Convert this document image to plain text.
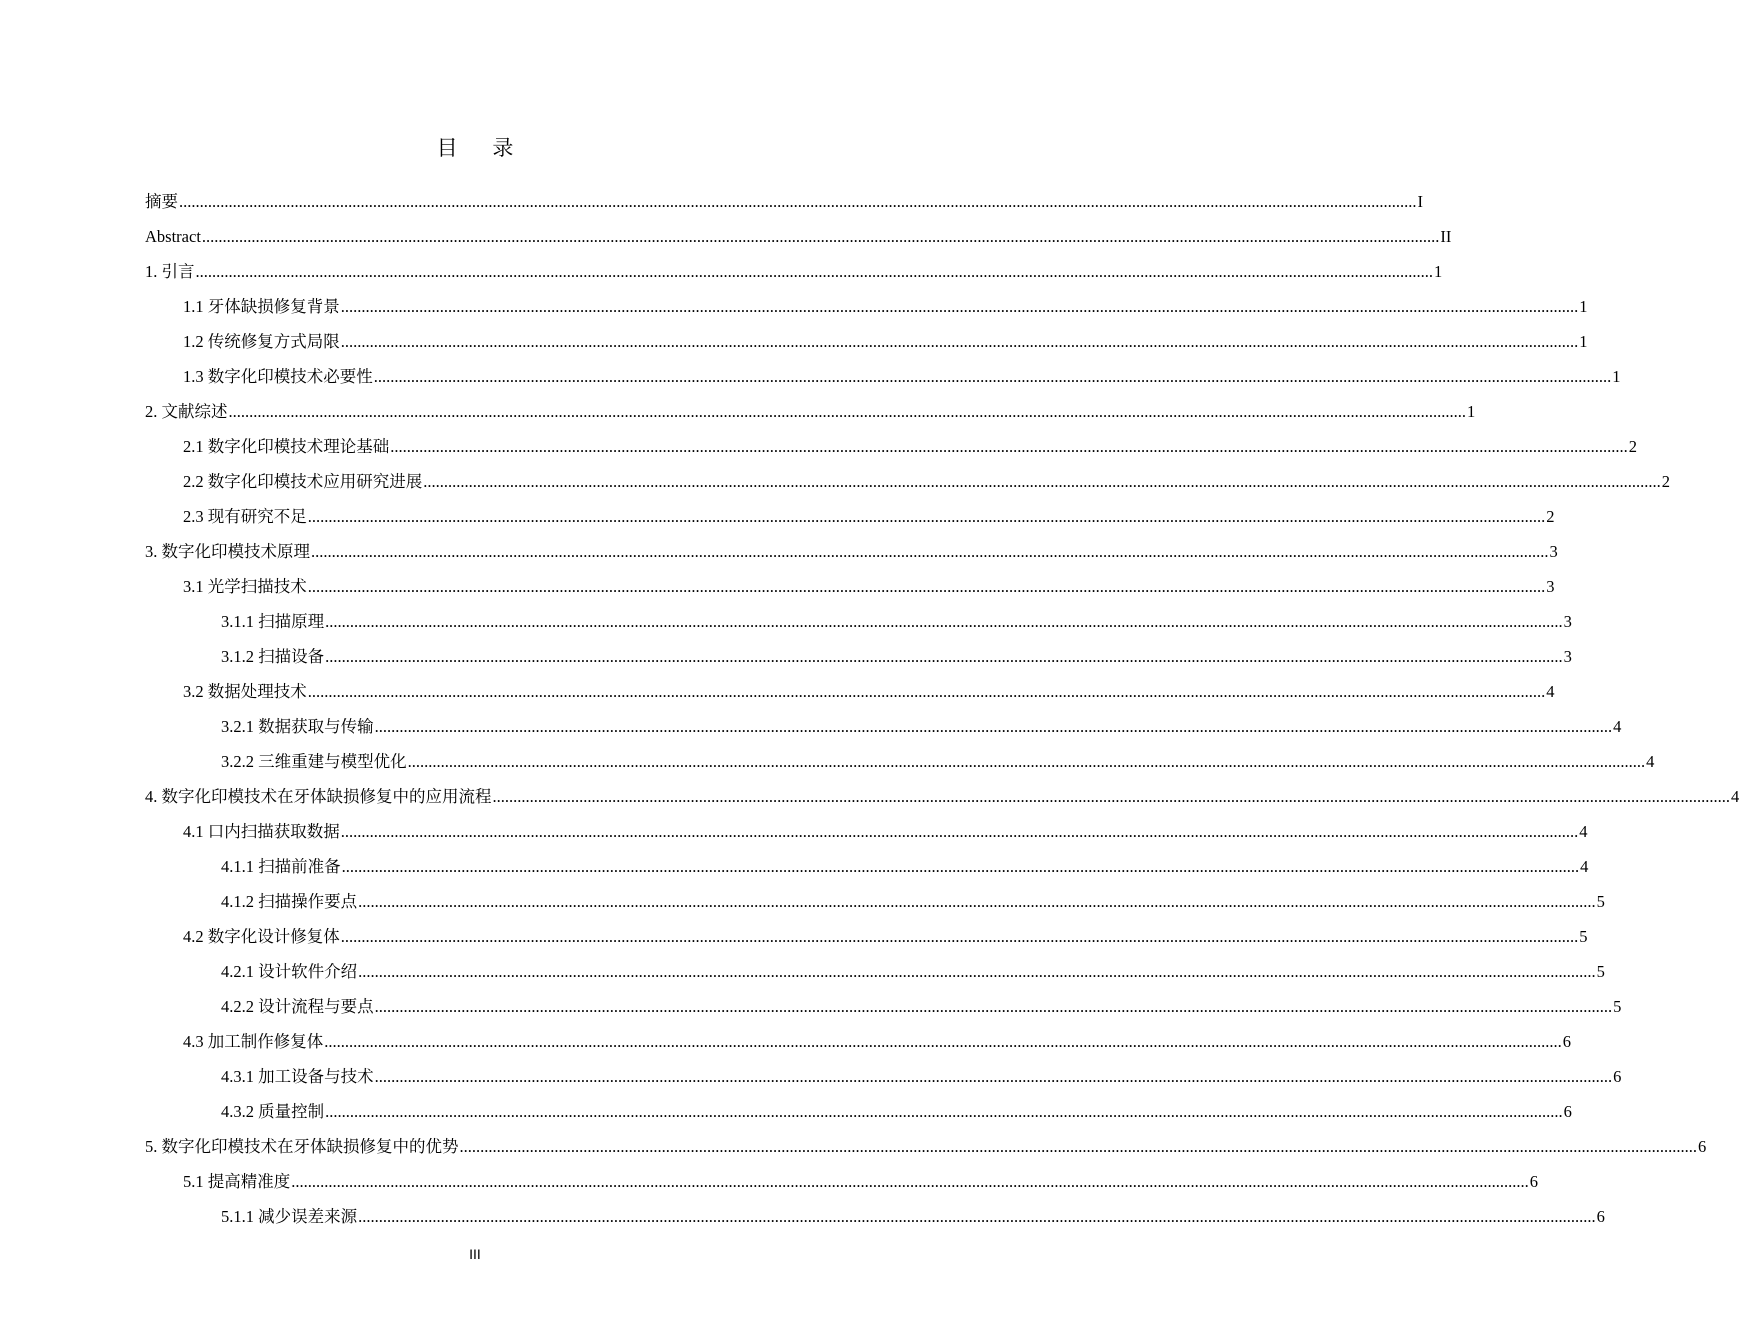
目 录
摘要 ............................................................................................................................................................................................................................................................................................................ I
Abstract ............................................................................................................................................................................................................................................................................................................ II
1. 引言 ............................................................................................................................................................................................................................................................................................................ 1
1.1 牙体缺损修复背景 ............................................................................................................................................................................................................................................................................................................ 1
1.2 传统修复方式局限 ............................................................................................................................................................................................................................................................................................................ 1
1.3 数字化印模技术必要性 ............................................................................................................................................................................................................................................................................................................ 1
2. 文献综述 ............................................................................................................................................................................................................................................................................................................ 1
2.1 数字化印模技术理论基础 ............................................................................................................................................................................................................................................................................................................ 2
2.2 数字化印模技术应用研究进展 ............................................................................................................................................................................................................................................................................................................ 2
2.3 现有研究不足 ............................................................................................................................................................................................................................................................................................................ 2
3. 数字化印模技术原理 ............................................................................................................................................................................................................................................................................................................ 3
3.1 光学扫描技术 ............................................................................................................................................................................................................................................................................................................ 3
3.1.1 扫描原理 ............................................................................................................................................................................................................................................................................................................ 3
3.1.2 扫描设备 ............................................................................................................................................................................................................................................................................................................ 3
3.2 数据处理技术 ............................................................................................................................................................................................................................................................................................................ 4
3.2.1 数据获取与传输 ............................................................................................................................................................................................................................................................................................................ 4
3.2.2 三维重建与模型优化 ............................................................................................................................................................................................................................................................................................................ 4
4. 数字化印模技术在牙体缺损修复中的应用流程 ............................................................................................................................................................................................................................................................................................................ 4
4.1 口内扫描获取数据 ............................................................................................................................................................................................................................................................................................................ 4
4.1.1 扫描前准备 ............................................................................................................................................................................................................................................................................................................ 4
4.1.2 扫描操作要点 ............................................................................................................................................................................................................................................................................................................ 5
4.2 数字化设计修复体 ............................................................................................................................................................................................................................................................................................................ 5
4.2.1 设计软件介绍 ............................................................................................................................................................................................................................................................................................................ 5
4.2.2 设计流程与要点 ............................................................................................................................................................................................................................................................................................................ 5
4.3 加工制作修复体 ............................................................................................................................................................................................................................................................................................................ 6
4.3.1 加工设备与技术 ............................................................................................................................................................................................................................................................................................................ 6
4.3.2 质量控制 ............................................................................................................................................................................................................................................................................................................ 6
5. 数字化印模技术在牙体缺损修复中的优势 ............................................................................................................................................................................................................................................................................................................ 6
5.1 提高精准度 ............................................................................................................................................................................................................................................................................................................ 6
5.1.1 减少误差来源 ............................................................................................................................................................................................................................................................................................................ 6
III
